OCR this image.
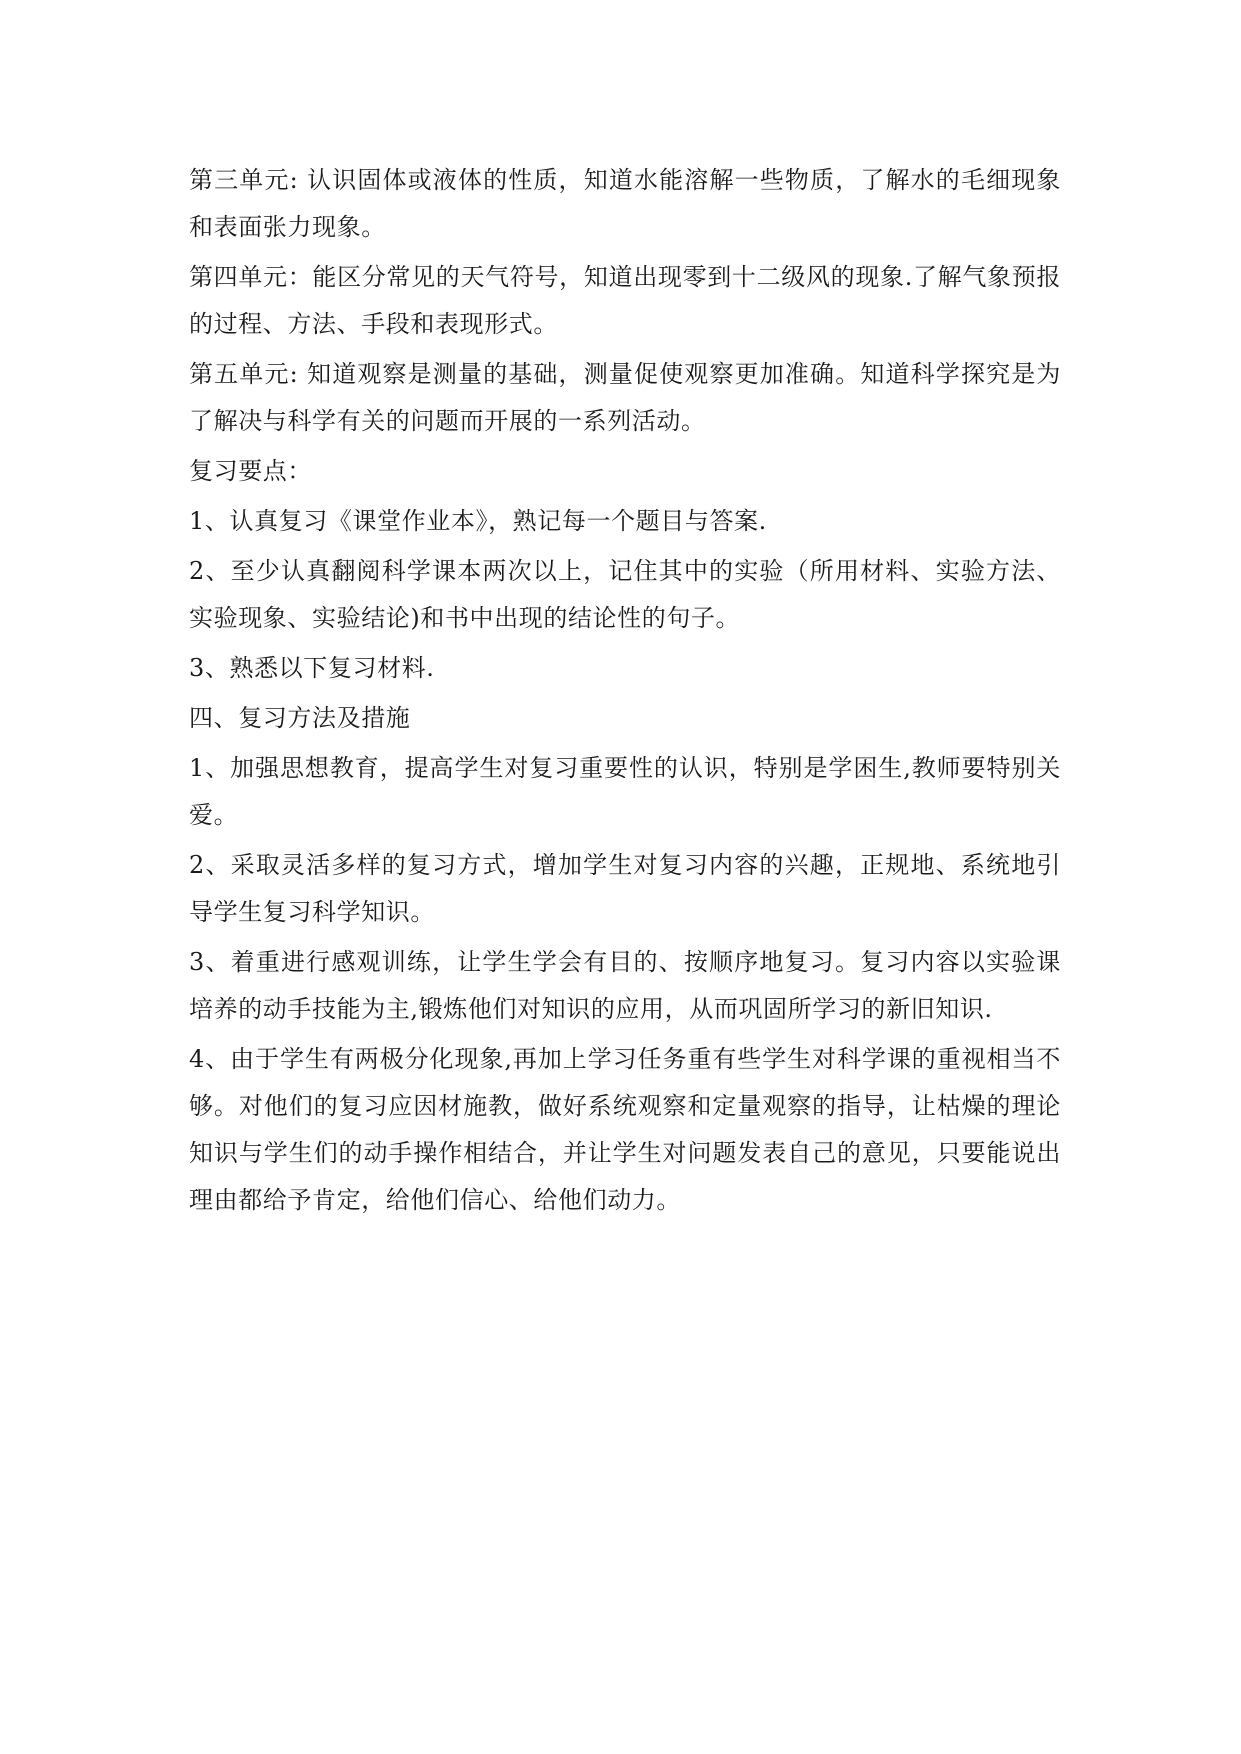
第三单元: 认识固体或液体的性质，知道水能溶解一些物质，了解水的毛细现象和表面张力现象。

第四单元：能区分常见的天气符号，知道出现零到十二级风的现象.了解气象预报的过程、方法、手段和表现形式。

第五单元: 知道观察是测量的基础，测量促使观察更加准确。知道科学探究是为了解决与科学有关的问题而开展的一系列活动。

复习要点：

1、认真复习《课堂作业本》，熟记每一个题目与答案.

2、至少认真翻阅科学课本两次以上，记住其中的实验（所用材料、实验方法、实验现象、实验结论)和书中出现的结论性的句子。

3、熟悉以下复习材料.

四、复习方法及措施

1、加强思想教育，提高学生对复习重要性的认识，特别是学困生,教师要特别关爱。

2、采取灵活多样的复习方式，增加学生对复习内容的兴趣，正规地、系统地引导学生复习科学知识。

3、着重进行感观训练，让学生学会有目的、按顺序地复习。复习内容以实验课培养的动手技能为主,锻炼他们对知识的应用，从而巩固所学习的新旧知识.

4、由于学生有两极分化现象,再加上学习任务重有些学生对科学课的重视相当不够。对他们的复习应因材施教，做好系统观察和定量观察的指导，让枯燥的理论知识与学生们的动手操作相结合，并让学生对问题发表自己的意见，只要能说出理由都给予肯定，给他们信心、给他们动力。
